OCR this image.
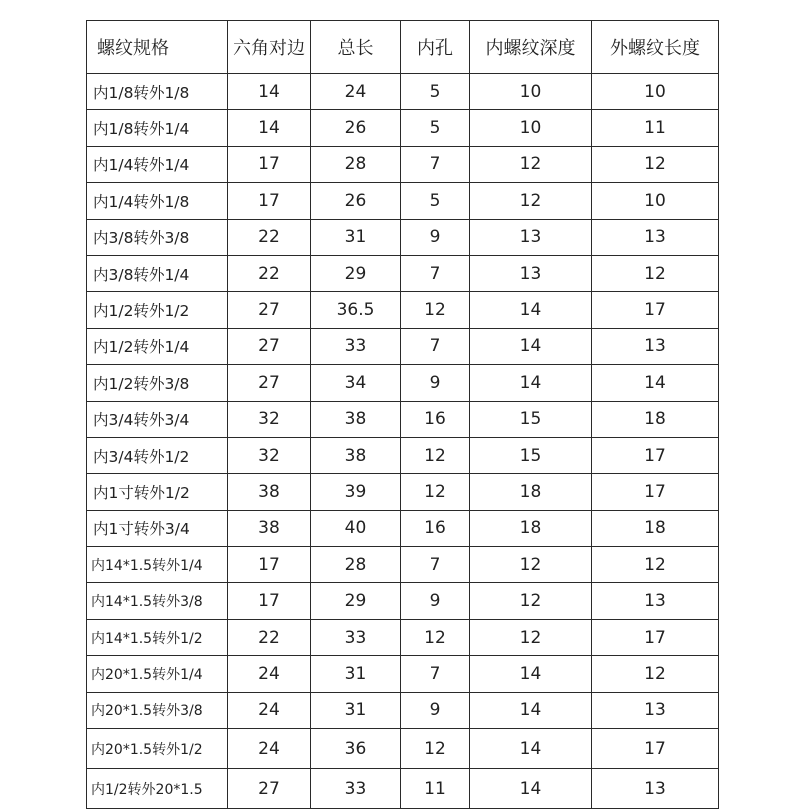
螺纹规格	六角对边	总长	内孔	内螺纹深度	外螺纹长度
内1/8转外1/8	14	24	5	10	10
内1/8转外1/4	14	26	5	10	11
内1/4转外1/4	17	28	7	12	12
内1/4转外1/8	17	26	5	12	10
内3/8转外3/8	22	31	9	13	13
内3/8转外1/4	22	29	7	13	12
内1/2转外1/2	27	36.5	12	14	17
内1/2转外1/4	27	33	7	14	13
内1/2转外3/8	27	34	9	14	14
内3/4转外3/4	32	38	16	15	18
内3/4转外1/2	32	38	12	15	17
内1寸转外1/2	38	39	12	18	17
内1寸转外3/4	38	40	16	18	18
内14*1.5转外1/4	17	28	7	12	12
内14*1.5转外3/8	17	29	9	12	13
内14*1.5转外1/2	22	33	12	12	17
内20*1.5转外1/4	24	31	7	14	12
内20*1.5转外3/8	24	31	9	14	13
内20*1.5转外1/2	24	36	12	14	17
内1/2转外20*1.5	27	33	11	14	13
